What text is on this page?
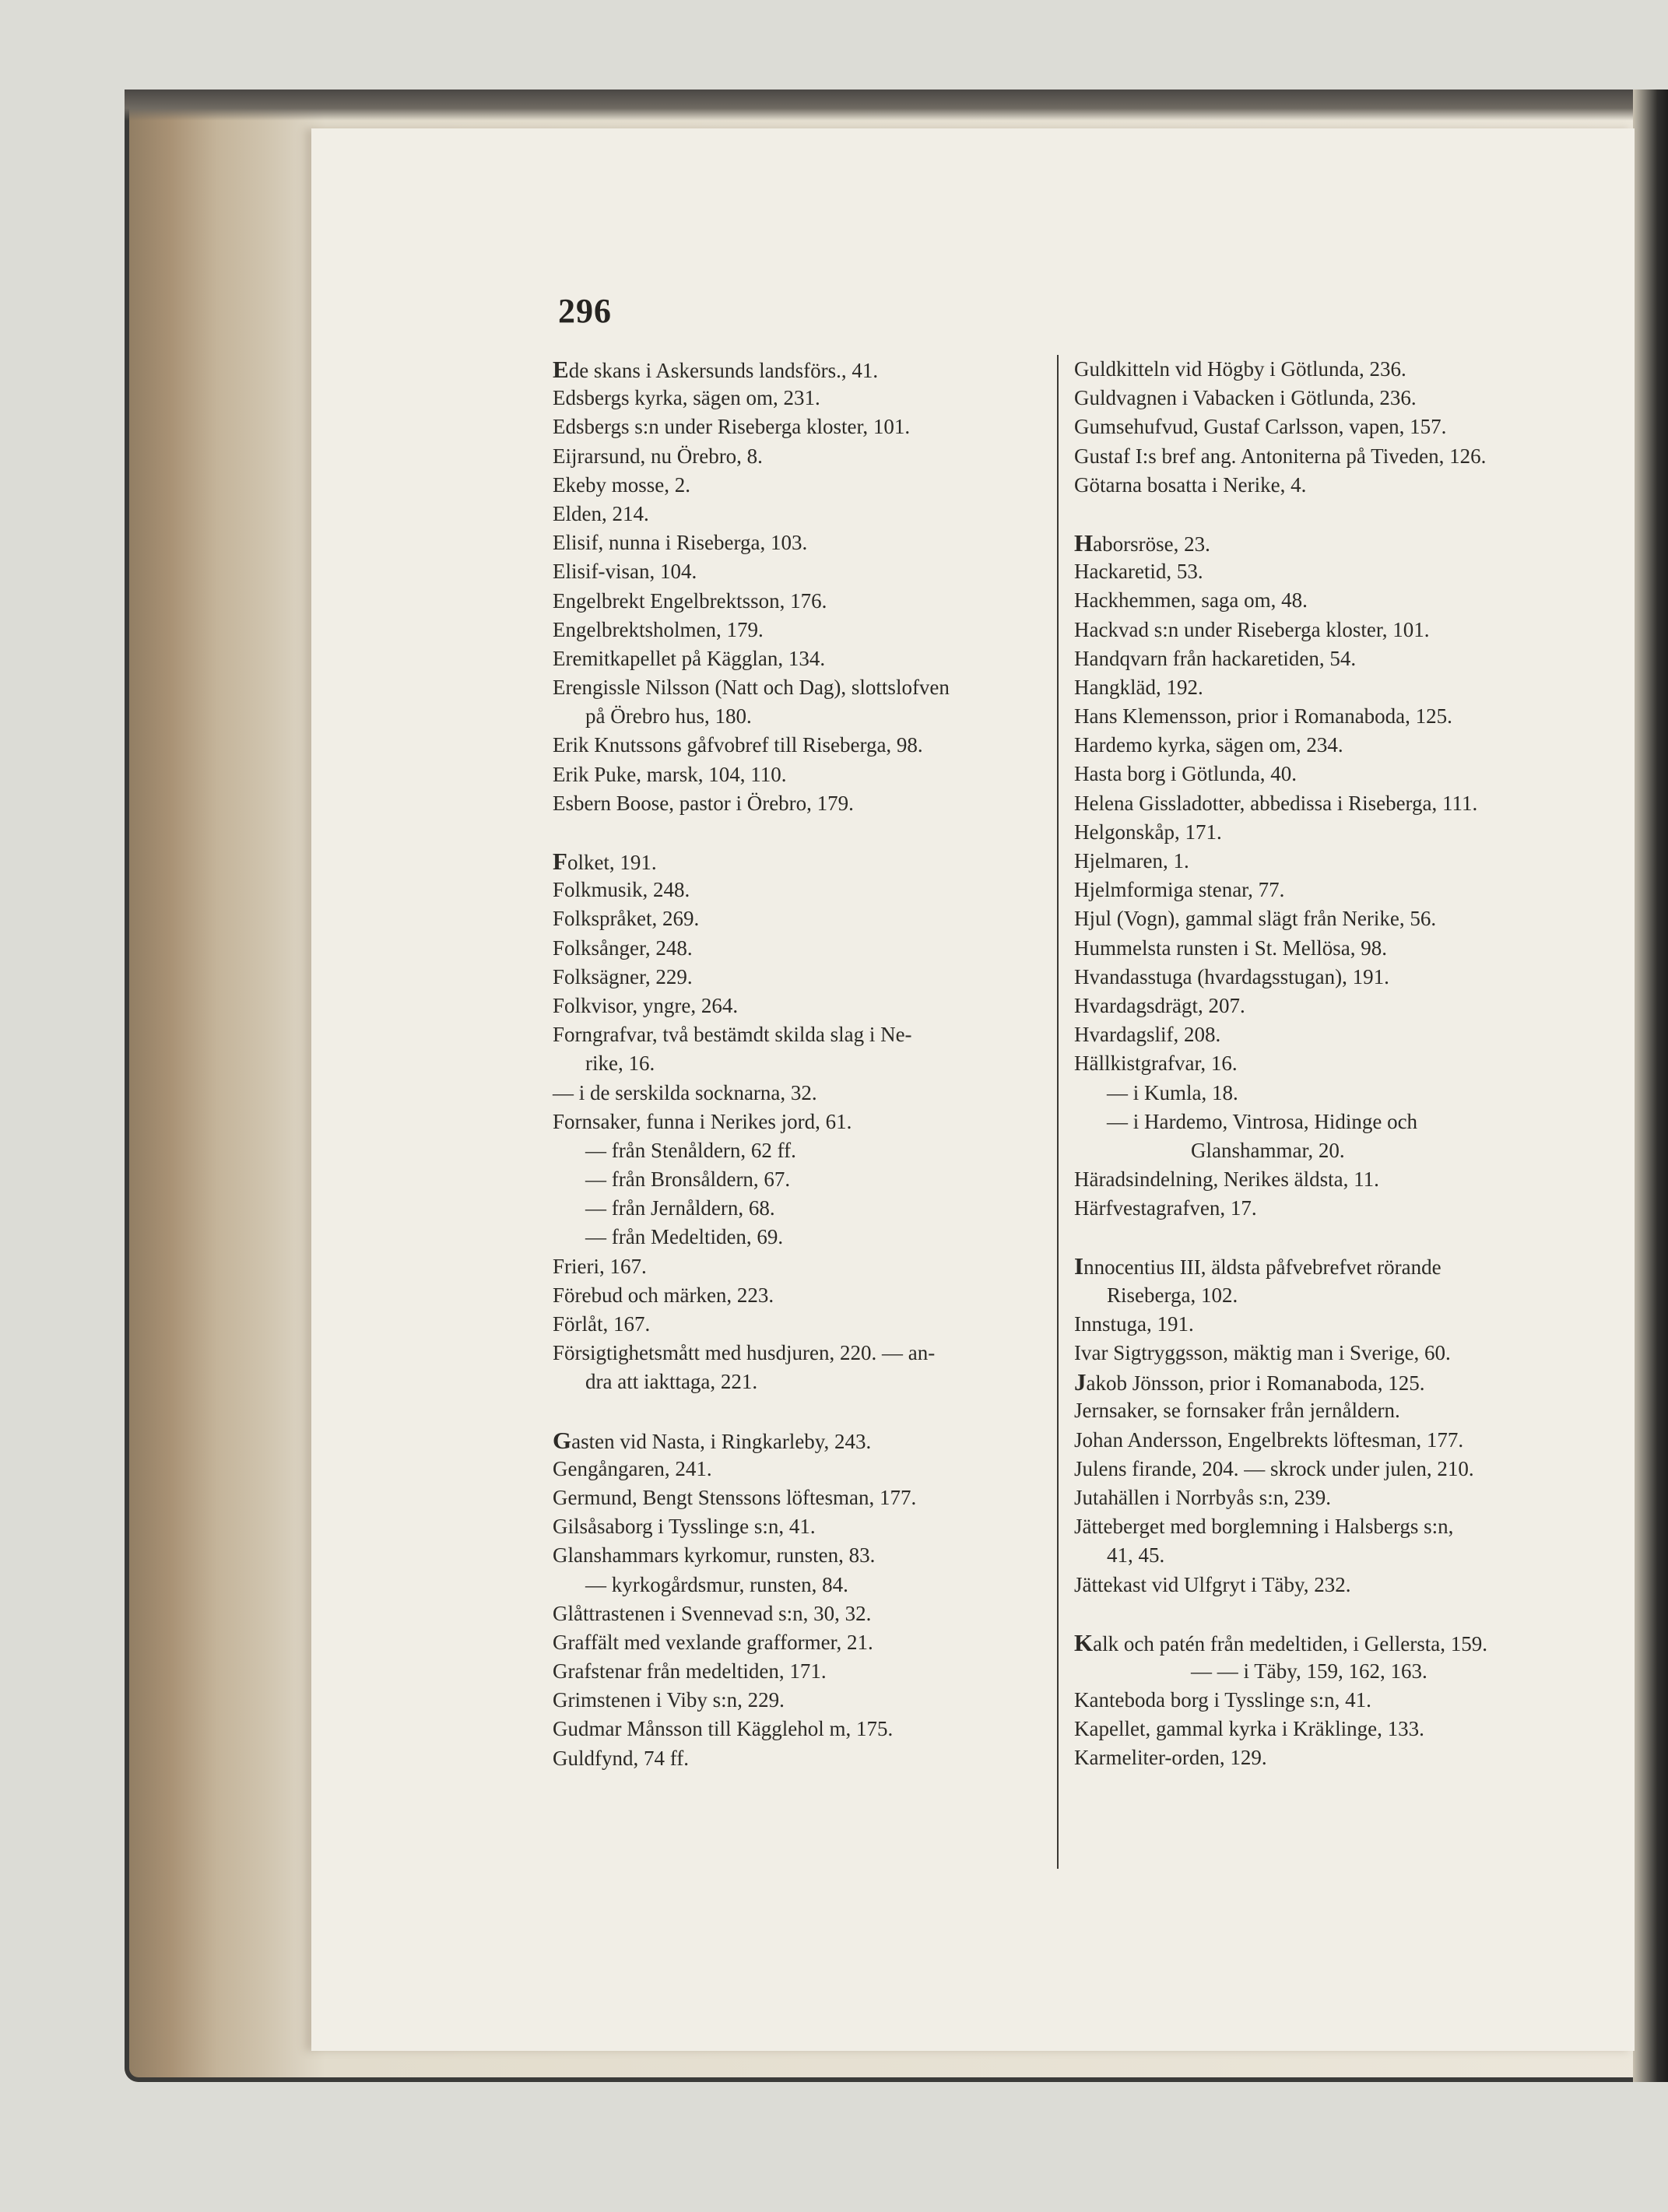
296
Ede skans i Askersunds landsförs., 41.
Edsbergs kyrka, sägen om, 231.
Edsbergs s:n under Riseberga kloster, 101.
Eijrarsund, nu Örebro, 8.
Ekeby mosse, 2.
Elden, 214.
Elisif, nunna i Riseberga, 103.
Elisif-visan, 104.
Engelbrekt Engelbrektsson, 176.
Engelbrektsholmen, 179.
Eremitkapellet på Kägglan, 134.
Erengissle Nilsson (Natt och Dag), slottslofven
på Örebro hus, 180.
Erik Knutssons gåfvobref till Riseberga, 98.
Erik Puke, marsk, 104, 110.
Esbern Boose, pastor i Örebro, 179.
Folket, 191.
Folkmusik, 248.
Folkspråket, 269.
Folksånger, 248.
Folksägner, 229.
Folkvisor, yngre, 264.
Forngrafvar, två bestämdt skilda slag i Ne-
rike, 16.
— i de serskilda socknarna, 32.
Fornsaker, funna i Nerikes jord, 61.
— från Stenåldern, 62 ff.
— från Bronsåldern, 67.
— från Jernåldern, 68.
— från Medeltiden, 69.
Frieri, 167.
Förebud och märken, 223.
Förlåt, 167.
Försigtighetsmått med husdjuren, 220. — an-
dra att iakttaga, 221.
Gasten vid Nasta, i Ringkarleby, 243.
Gengångaren, 241.
Germund, Bengt Stenssons löftesman, 177.
Gilsåsaborg i Tysslinge s:n, 41.
Glanshammars kyrkomur, runsten, 83.
— kyrkogårdsmur, runsten, 84.
Glåttrastenen i Svennevad s:n, 30, 32.
Graffält med vexlande grafformer, 21.
Grafstenar från medeltiden, 171.
Grimstenen i Viby s:n, 229.
Gudmar Månsson till Kägglehol m, 175.
Guldfynd, 74 ff.
Guldkitteln vid Högby i Götlunda, 236.
Guldvagnen i Vabacken i Götlunda, 236.
Gumsehufvud, Gustaf Carlsson, vapen, 157.
Gustaf I:s bref ang. Antoniterna på Tiveden, 126.
Götarna bosatta i Nerike, 4.
Haborsröse, 23.
Hackaretid, 53.
Hackhemmen, saga om, 48.
Hackvad s:n under Riseberga kloster, 101.
Handqvarn från hackaretiden, 54.
Hangkläd, 192.
Hans Klemensson, prior i Romanaboda, 125.
Hardemo kyrka, sägen om, 234.
Hasta borg i Götlunda, 40.
Helena Gissladotter, abbedissa i Riseberga, 111.
Helgonskåp, 171.
Hjelmaren, 1.
Hjelmformiga stenar, 77.
Hjul (Vogn), gammal slägt från Nerike, 56.
Hummelsta runsten i St. Mellösa, 98.
Hvandasstuga (hvardagsstugan), 191.
Hvardagsdrägt, 207.
Hvardagslif, 208.
Hällkistgrafvar, 16.
— i Kumla, 18.
— i Hardemo, Vintrosa, Hidinge och
Glanshammar, 20.
Häradsindelning, Nerikes äldsta, 11.
Härfvestagrafven, 17.
Innocentius III, äldsta påfvebrefvet rörande
Riseberga, 102.
Innstuga, 191.
Ivar Sigtryggsson, mäktig man i Sverige, 60.
Jakob Jönsson, prior i Romanaboda, 125.
Jernsaker, se fornsaker från jernåldern.
Johan Andersson, Engelbrekts löftesman, 177.
Julens firande, 204. — skrock under julen, 210.
Jutahällen i Norrbyås s:n, 239.
Jätteberget med borglemning i Halsbergs s:n,
41, 45.
Jättekast vid Ulfgryt i Täby, 232.
Kalk och patén från medeltiden, i Gellersta, 159.
— — i Täby, 159, 162, 163.
Kanteboda borg i Tysslinge s:n, 41.
Kapellet, gammal kyrka i Kräklinge, 133.
Karmeliter-orden, 129.
